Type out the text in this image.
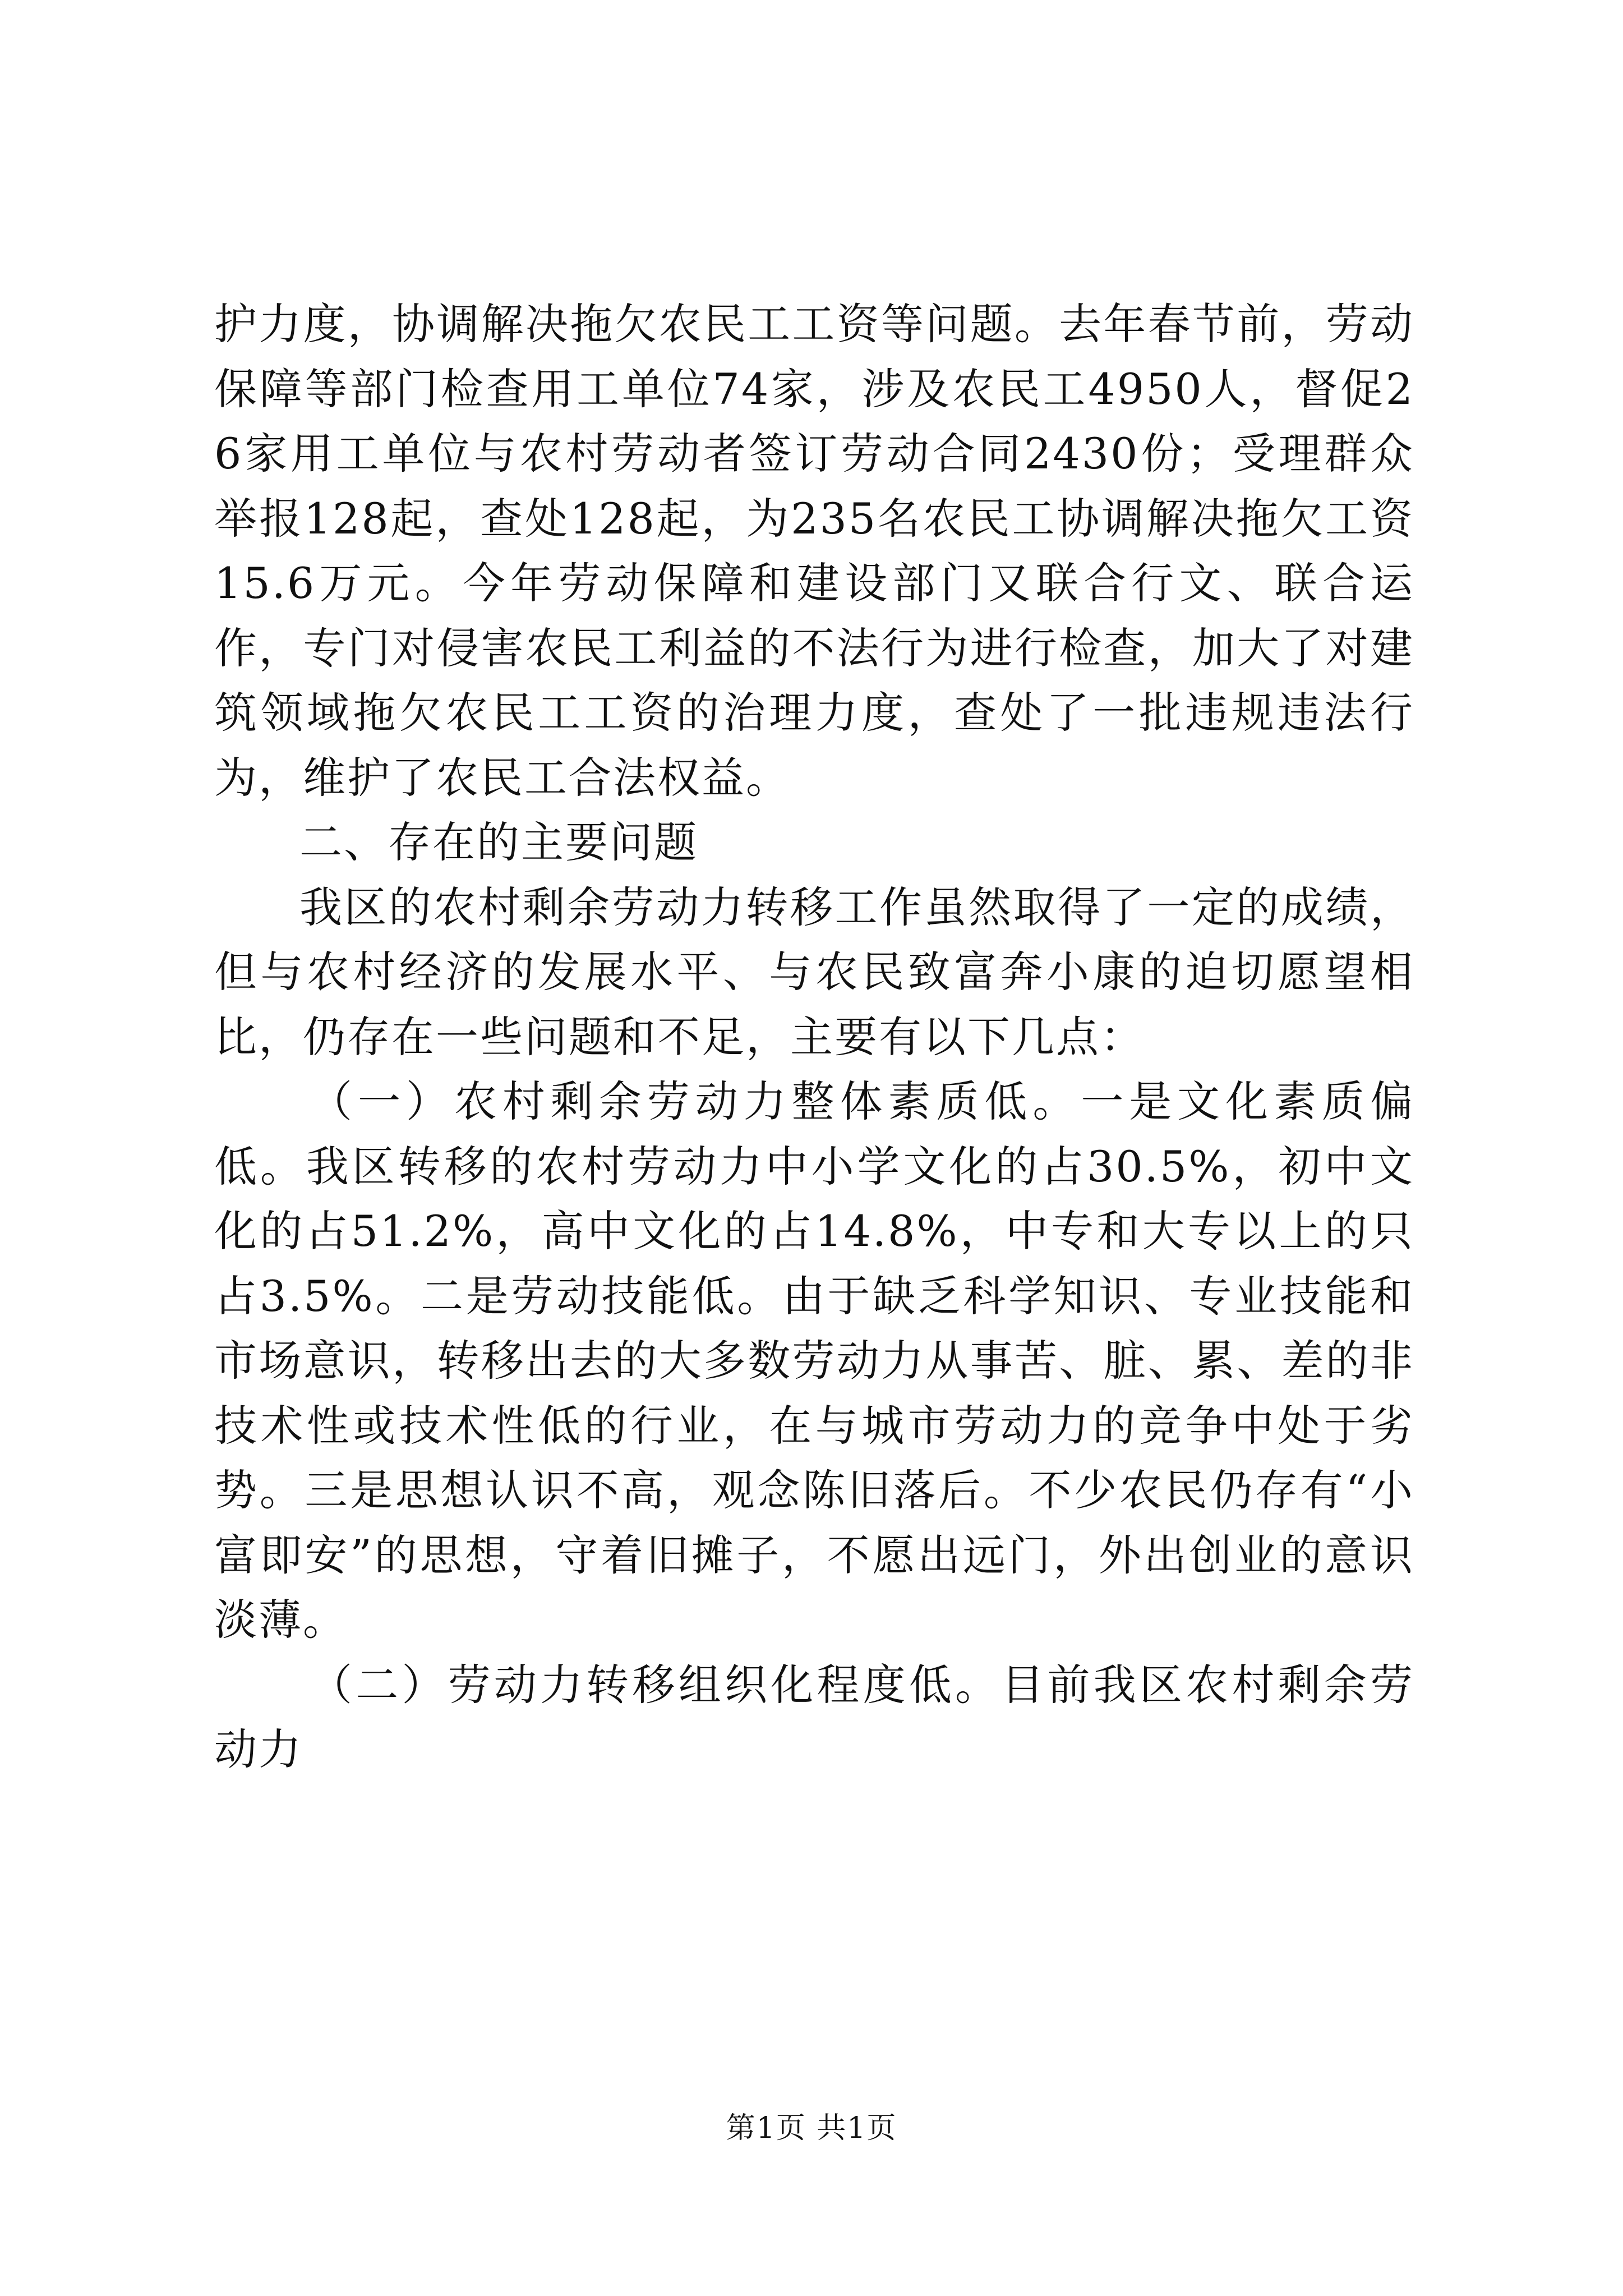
护力度，协调解决拖欠农民工工资等问题。去年春节前，劳动保障等部门检查用工单位74家，涉及农民工4950人，督促26家用工单位与农村劳动者签订劳动合同2430份；受理群众举报128起，查处128起，为235名农民工协调解决拖欠工资15.6万元。今年劳动保障和建设部门又联合行文、联合运作，专门对侵害农民工利益的不法行为进行检查，加大了对建筑领域拖欠农民工工资的治理力度，查处了一批违规违法行为，维护了农民工合法权益。

二、存在的主要问题

我区的农村剩余劳动力转移工作虽然取得了一定的成绩，但与农村经济的发展水平、与农民致富奔小康的迫切愿望相比，仍存在一些问题和不足，主要有以下几点：

（一）农村剩余劳动力整体素质低。一是文化素质偏低。我区转移的农村劳动力中小学文化的占30.5%，初中文化的占51.2%，高中文化的占14.8%，中专和大专以上的只占3.5%。二是劳动技能低。由于缺乏科学知识、专业技能和市场意识，转移出去的大多数劳动力从事苦、脏、累、差的非技术性或技术性低的行业，在与城市劳动力的竞争中处于劣势。三是思想认识不高，观念陈旧落后。不少农民仍存有“小富即安”的思想，守着旧摊子，不愿出远门，外出创业的意识淡薄。

（二）劳动力转移组织化程度低。目前我区农村剩余劳动力

第1页 共1页
